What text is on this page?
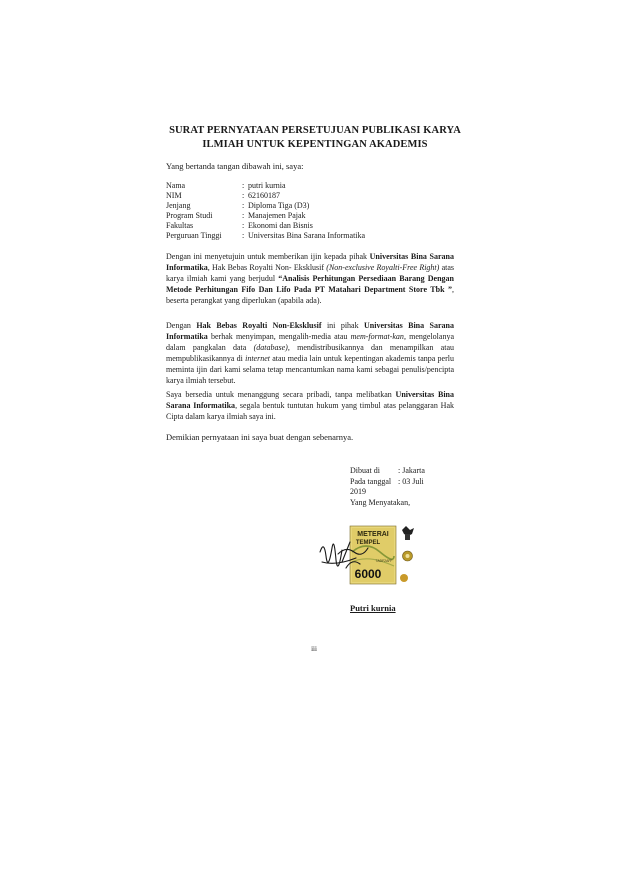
SURAT PERNYATAAN PERSETUJUAN PUBLIKASI KARYA
ILMIAH UNTUK KEPENTINGAN AKADEMIS
Yang bertanda tangan dibawah ini, saya:
Nama	: putri kurnia
NIM	: 62160187
Jenjang	: Diploma Tiga (D3)
Program Studi	: Manajemen Pajak
Fakultas	: Ekonomi dan Bisnis
Perguruan Tinggi	: Universitas Bina Sarana Informatika
Dengan ini menyetujuin untuk memberikan ijin kepada pihak Universitas Bina Sarana Informatika, Hak Bebas Royalti Non- Eksklusif (Non-exclusive Royalti-Free Right) atas karya ilmiah kami yang berjudul “Analisis Perhitungan Persediaan Barang Dengan Metode Perhitungan Fifo Dan Lifo Pada PT Matahari Department Store Tbk ”, beserta perangkat yang diperlukan (apabila ada).
Dengan Hak Bebas Royalti Non-Eksklusif ini pihak Universitas Bina Sarana Informatika berhak menyimpan, mengalih-media atau mem-format-kan, mengelolanya dalam pangkalan data (database), mendistribusikannya dan menampilkan atau mempublikasikannya di internet atau media lain untuk kepentingan akademis tanpa perlu meminta ijin dari kami selama tetap mencantumkan nama kami sebagai penulis/pencipta karya ilmiah tersebut.
Saya bersedia untuk menanggung secara pribadi, tanpa melibatkan Universitas Bina Sarana Informatika, segala bentuk tuntutan hukum yang timbul atas pelanggaran Hak Cipta dalam karya ilmiah saya ini.
Demikian pernyataan ini saya buat dengan sebenarnya.
Dibuat di	: Jakarta
Pada tanggal : 03 Juli
2019
Yang Menyatakan,
METERAI
TEMPEL
7ADF2AFF
6000
Putri kurnia
iii
